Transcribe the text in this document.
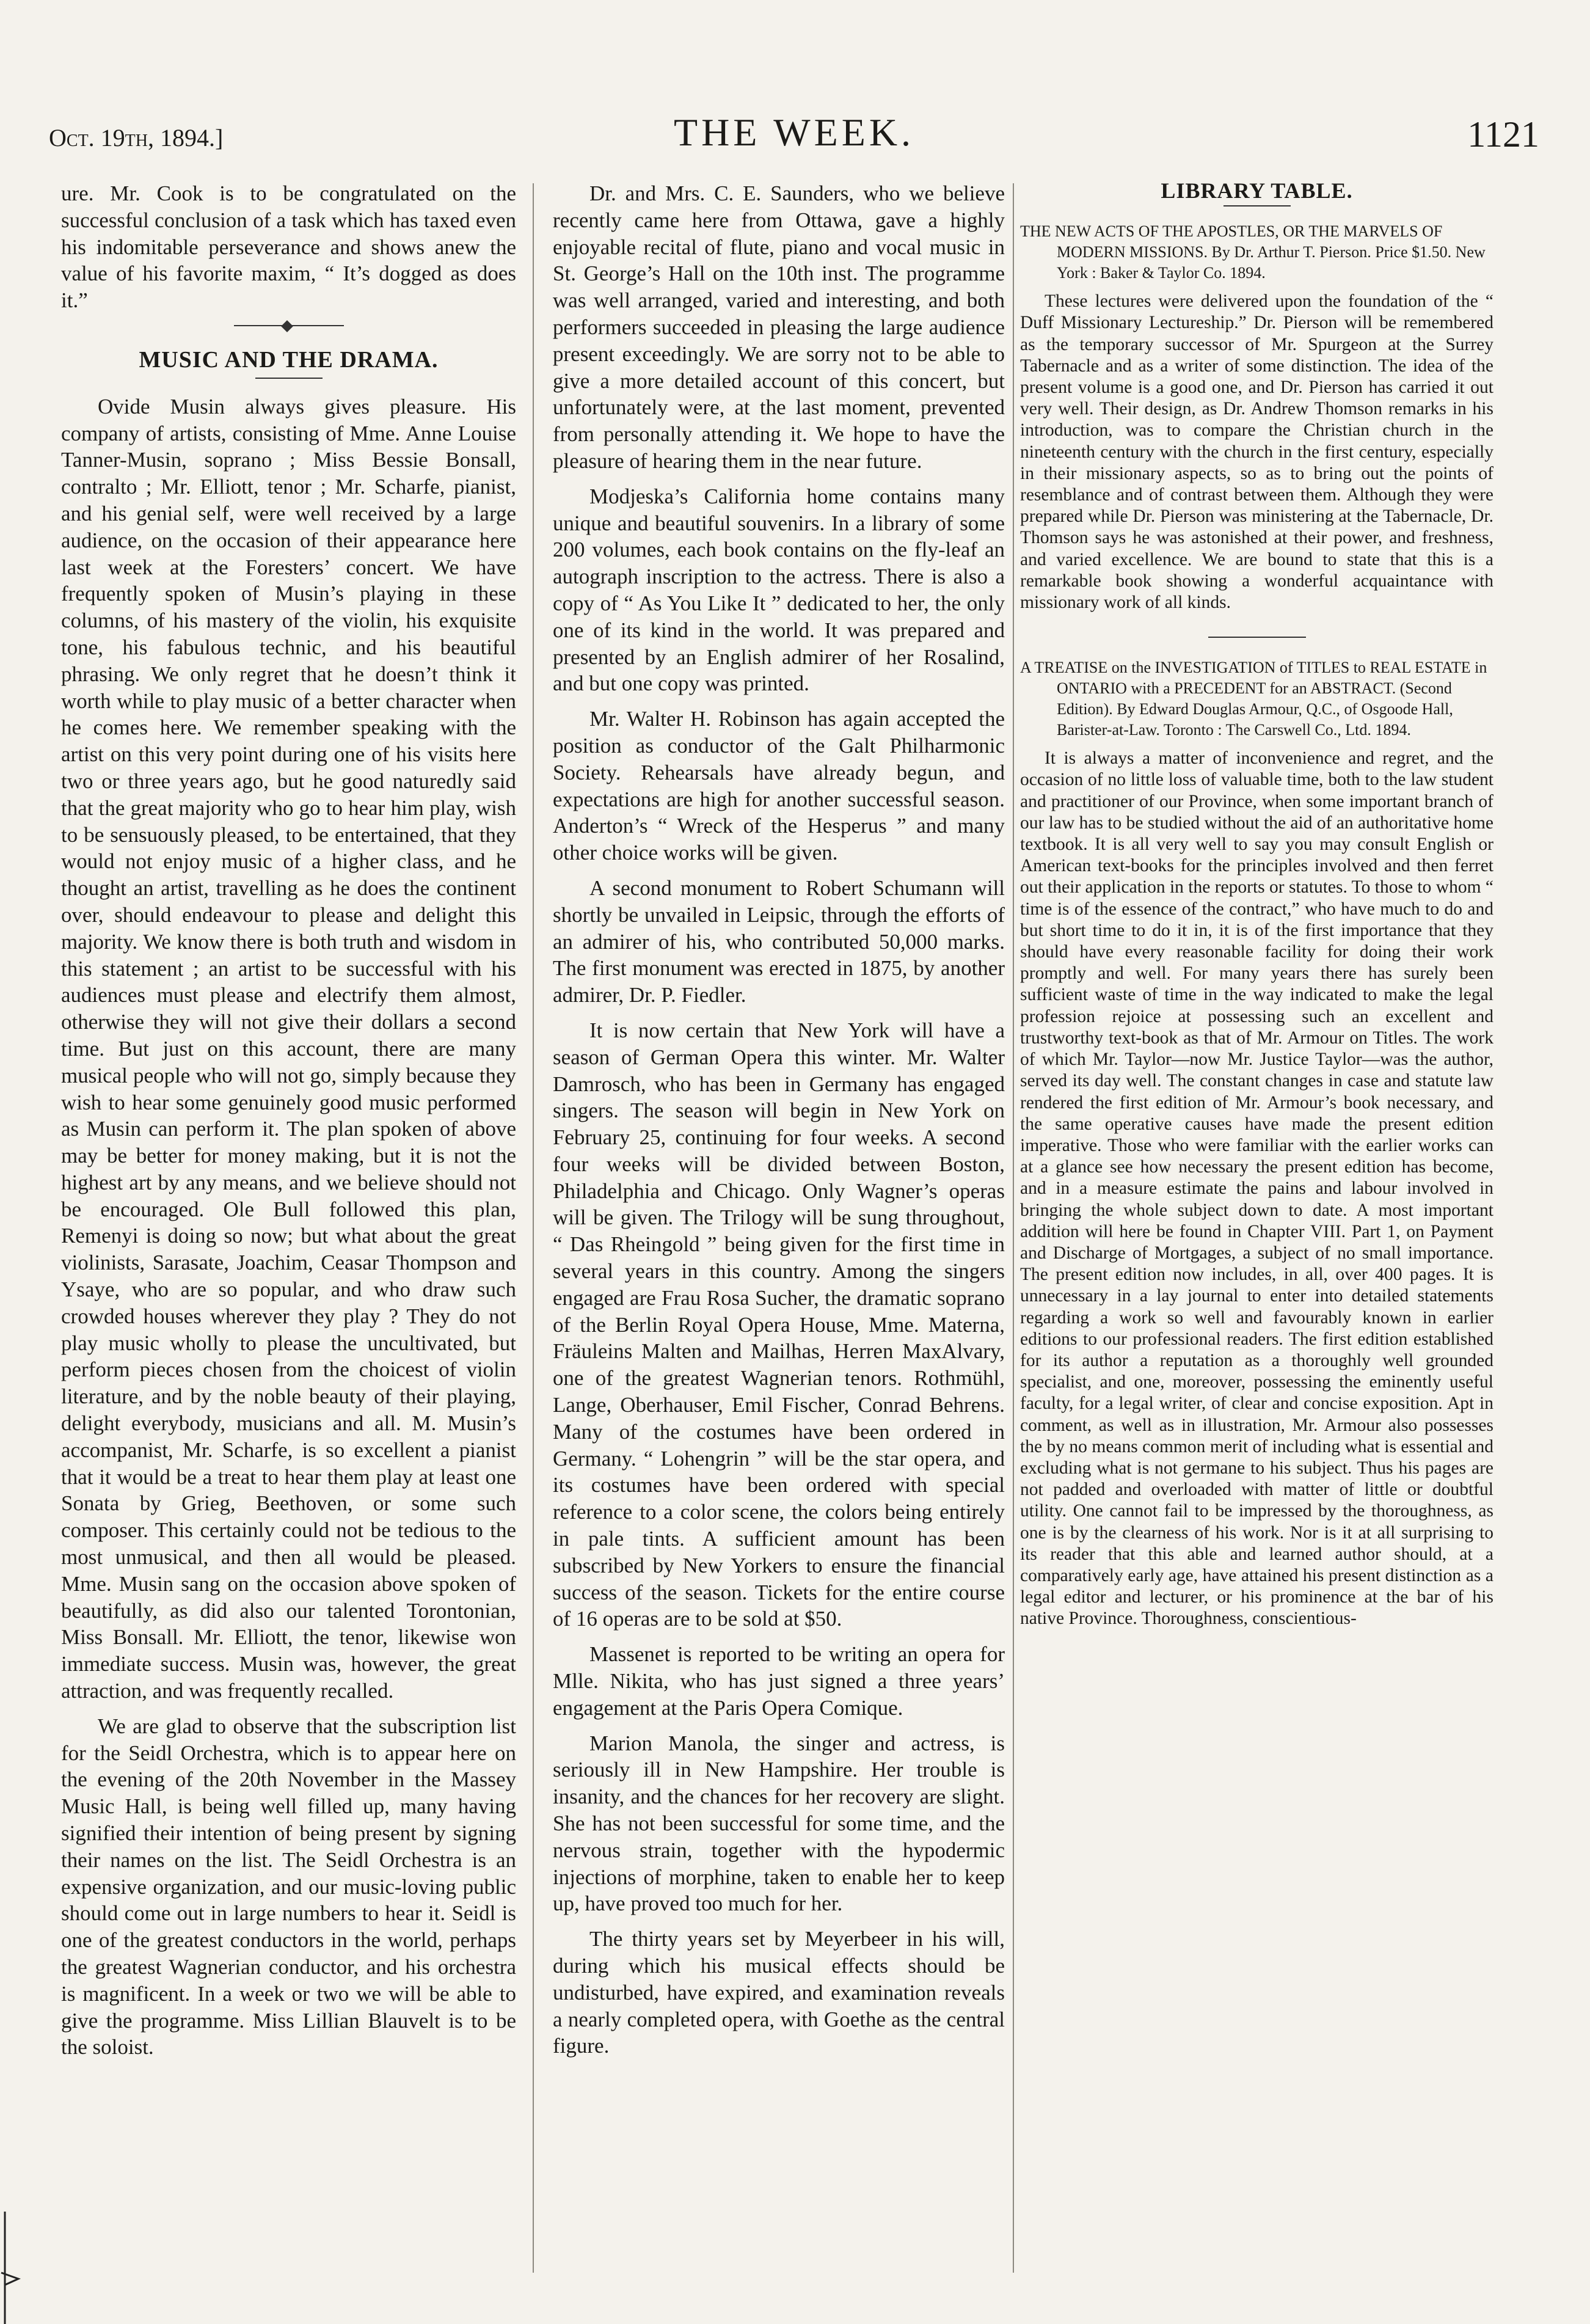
Oct. 19th, 1894.]	THE WEEK.	1121

ure. Mr. Cook is to be congratulated on the successful conclusion of a task which has taxed even his indomitable perseverance and shows anew the value of his favorite maxim, “ It’s dogged as does it.”

MUSIC AND THE DRAMA.

Ovide Musin always gives pleasure. His company of artists, consisting of Mme. Anne Louise Tanner-Musin, soprano ; Miss Bessie Bonsall, contralto ; Mr. Elliott, tenor ; Mr. Scharfe, pianist, and his genial self, were well received by a large audience, on the occasion of their appearance here last week at the Foresters’ concert. We have frequently spoken of Musin’s playing in these columns, of his mastery of the violin, his exquisite tone, his fabulous technic, and his beautiful phrasing. We only regret that he doesn’t think it worth while to play music of a better character when he comes here. We remember speaking with the artist on this very point during one of his visits here two or three years ago, but he good naturedly said that the great majority who go to hear him play, wish to be sensuously pleased, to be entertained, that they would not enjoy music of a higher class, and he thought an artist, travelling as he does the continent over, should endeavour to please and delight this majority. We know there is both truth and wisdom in this statement ; an artist to be successful with his audiences must please and electrify them almost, otherwise they will not give their dollars a second time. But just on this account, there are many musical people who will not go, simply because they wish to hear some genuinely good music performed as Musin can perform it. The plan spoken of above may be better for money making, but it is not the highest art by any means, and we believe should not be encouraged. Ole Bull followed this plan, Remenyi is doing so now; but what about the great violinists, Sarasate, Joachim, Ceasar Thompson and Ysaye, who are so popular, and who draw such crowded houses wherever they play ? They do not play music wholly to please the uncultivated, but perform pieces chosen from the choicest of violin literature, and by the noble beauty of their playing, delight everybody, musicians and all. M. Musin’s accompanist, Mr. Scharfe, is so excellent a pianist that it would be a treat to hear them play at least one Sonata by Grieg, Beethoven, or some such composer. This certainly could not be tedious to the most unmusical, and then all would be pleased. Mme. Musin sang on the occasion above spoken of beautifully, as did also our talented Torontonian, Miss Bonsall. Mr. Elliott, the tenor, likewise won immediate success. Musin was, however, the great attraction, and was frequently recalled.

We are glad to observe that the subscription list for the Seidl Orchestra, which is to appear here on the evening of the 20th November in the Massey Music Hall, is being well filled up, many having signified their intention of being present by signing their names on the list. The Seidl Orchestra is an expensive organization, and our music-loving public should come out in large numbers to hear it. Seidl is one of the greatest conductors in the world, perhaps the greatest Wagnerian conductor, and his orchestra is magnificent. In a week or two we will be able to give the programme. Miss Lillian Blauvelt is to be the soloist.

Dr. and Mrs. C. E. Saunders, who we believe recently came here from Ottawa, gave a highly enjoyable recital of flute, piano and vocal music in St. George’s Hall on the 10th inst. The programme was well arranged, varied and interesting, and both performers succeeded in pleasing the large audience present exceedingly. We are sorry not to be able to give a more detailed account of this concert, but unfortunately were, at the last moment, prevented from personally attending it. We hope to have the pleasure of hearing them in the near future.

Modjeska’s California home contains many unique and beautiful souvenirs. In a library of some 200 volumes, each book contains on the fly-leaf an autograph inscription to the actress. There is also a copy of “ As You Like It ” dedicated to her, the only one of its kind in the world. It was prepared and presented by an English admirer of her Rosalind, and but one copy was printed.

Mr. Walter H. Robinson has again accepted the position as conductor of the Galt Philharmonic Society. Rehearsals have already begun, and expectations are high for another successful season. Anderton’s “ Wreck of the Hesperus ” and many other choice works will be given.

A second monument to Robert Schumann will shortly be unvailed in Leipsic, through the efforts of an admirer of his, who contributed 50,000 marks. The first monument was erected in 1875, by another admirer, Dr. P. Fiedler.

It is now certain that New York will have a season of German Opera this winter. Mr. Walter Damrosch, who has been in Germany has engaged singers. The season will begin in New York on February 25, continuing for four weeks. A second four weeks will be divided between Boston, Philadelphia and Chicago. Only Wagner’s operas will be given. The Trilogy will be sung throughout, “ Das Rheingold ” being given for the first time in several years in this country. Among the singers engaged are Frau Rosa Sucher, the dramatic soprano of the Berlin Royal Opera House, Mme. Materna, Fräuleins Malten and Mailhas, Herren MaxAlvary, one of the greatest Wagnerian tenors. Rothmühl, Lange, Oberhauser, Emil Fischer, Conrad Behrens. Many of the costumes have been ordered in Germany. “ Lohengrin ” will be the star opera, and its costumes have been ordered with special reference to a color scene, the colors being entirely in pale tints. A sufficient amount has been subscribed by New Yorkers to ensure the financial success of the season. Tickets for the entire course of 16 operas are to be sold at $50.

Massenet is reported to be writing an opera for Mlle. Nikita, who has just signed a three years’ engagement at the Paris Opera Comique.

Marion Manola, the singer and actress, is seriously ill in New Hampshire. Her trouble is insanity, and the chances for her recovery are slight. She has not been successful for some time, and the nervous strain, together with the hypodermic injections of morphine, taken to enable her to keep up, have proved too much for her.

The thirty years set by Meyerbeer in his will, during which his musical effects should be undisturbed, have expired, and examination reveals a nearly completed opera, with Goethe as the central figure.

LIBRARY TABLE.
THE NEW ACTS OF THE APOSTLES, OR THE MARVELS OF MODERN MISSIONS. By Dr. Arthur T. Pierson. Price $1.50. New York : Baker & Taylor Co. 1894.

These lectures were delivered upon the foundation of the “ Duff Missionary Lectureship.” Dr. Pierson will be remembered as the temporary successor of Mr. Spurgeon at the Surrey Tabernacle and as a writer of some distinction. The idea of the present volume is a good one, and Dr. Pierson has carried it out very well. Their design, as Dr. Andrew Thomson remarks in his introduction, was to compare the Christian church in the nineteenth century with the church in the first century, especially in their missionary aspects, so as to bring out the points of resemblance and of contrast between them. Although they were prepared while Dr. Pierson was ministering at the Tabernacle, Dr. Thomson says he was astonished at their power, and freshness, and varied excellence. We are bound to state that this is a remarkable book showing a wonderful acquaintance with missionary work of all kinds.

A TREATISE on the INVESTIGATION of TITLES to REAL ESTATE in ONTARIO with a PRECEDENT for an ABSTRACT. (Second Edition). By Edward Douglas Armour, Q.C., of Osgoode Hall, Barister-at-Law. Toronto : The Carswell Co., Ltd. 1894.

It is always a matter of inconvenience and regret, and the occasion of no little loss of valuable time, both to the law student and practitioner of our Province, when some important branch of our law has to be studied without the aid of an authoritative home textbook. It is all very well to say you may consult English or American text-books for the principles involved and then ferret out their application in the reports or statutes. To those to whom “ time is of the essence of the contract,” who have much to do and but short time to do it in, it is of the first importance that they should have every reasonable facility for doing their work promptly and well. For many years there has surely been sufficient waste of time in the way indicated to make the legal profession rejoice at possessing such an excellent and trustworthy text-book as that of Mr. Armour on Titles. The work of which Mr. Taylor—now Mr. Justice Taylor—was the author, served its day well. The constant changes in case and statute law rendered the first edition of Mr. Armour’s book necessary, and the same operative causes have made the present edition imperative. Those who were familiar with the earlier works can at a glance see how necessary the present edition has become, and in a measure estimate the pains and labour involved in bringing the whole subject down to date. A most important addition will here be found in Chapter VIII. Part 1, on Payment and Discharge of Mortgages, a subject of no small importance. The present edition now includes, in all, over 400 pages. It is unnecessary in a lay journal to enter into detailed statements regarding a work so well and favourably known in earlier editions to our professional readers. The first edition established for its author a reputation as a thoroughly well grounded specialist, and one, moreover, possessing the eminently useful faculty, for a legal writer, of clear and concise exposition. Apt in comment, as well as in illustration, Mr. Armour also possesses the by no means common merit of including what is essential and excluding what is not germane to his subject. Thus his pages are not padded and overloaded with matter of little or doubtful utility. One cannot fail to be impressed by the thoroughness, as one is by the clearness of his work. Nor is it at all surprising to its reader that this able and learned author should, at a comparatively early age, have attained his present distinction as a legal editor and lecturer, or his prominence at the bar of his native Province. Thoroughness, conscientious-
